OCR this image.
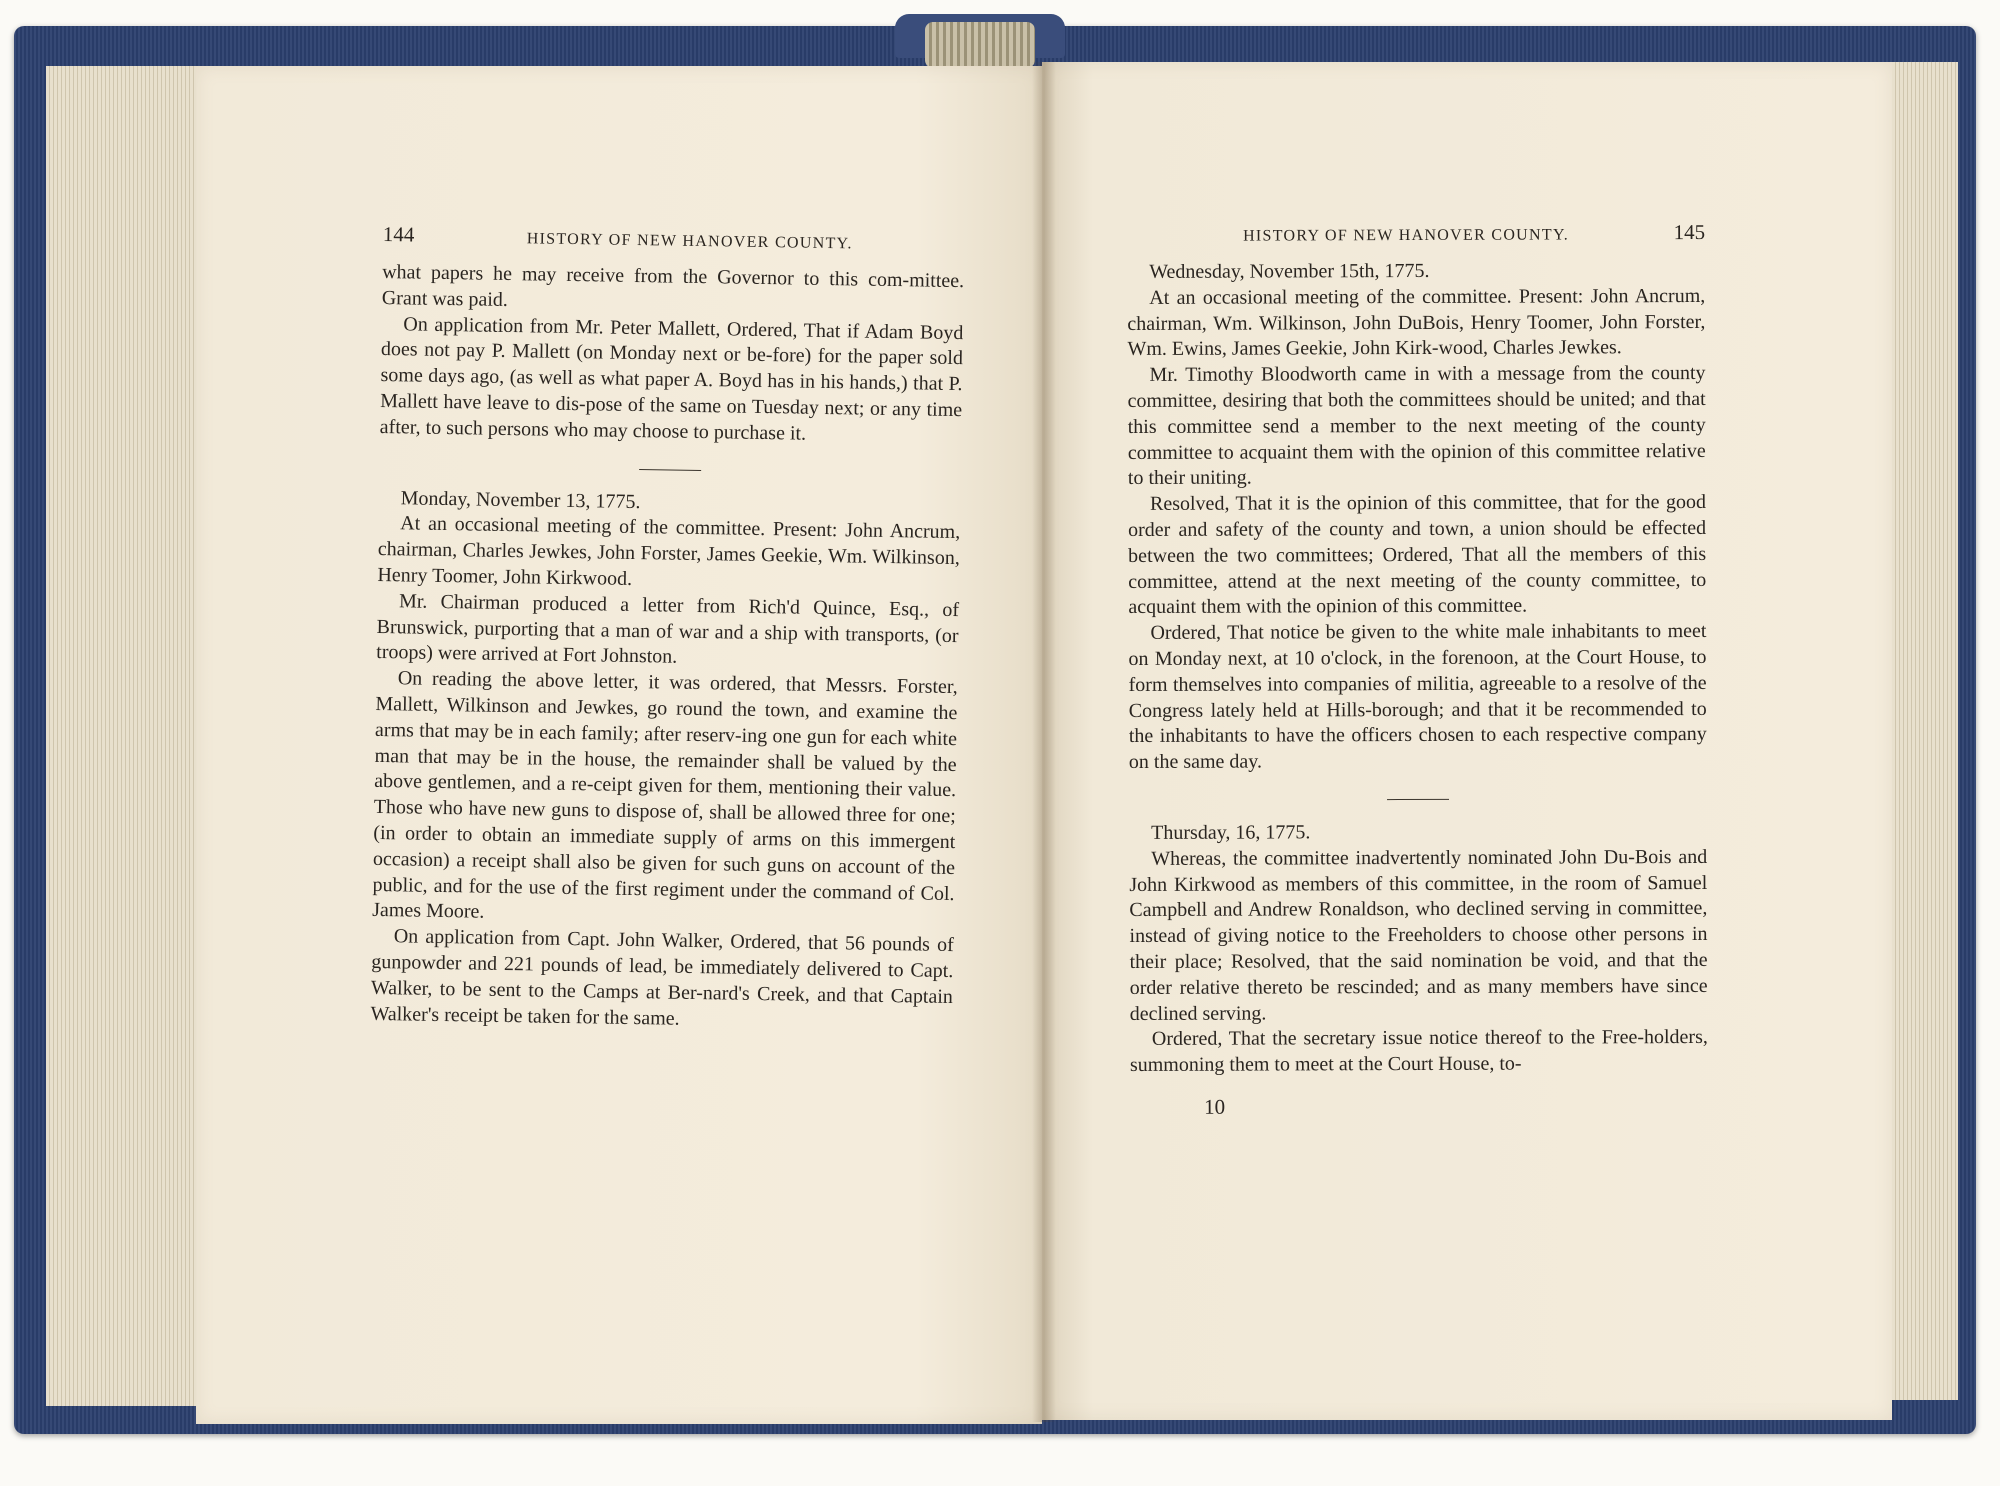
144	HISTORY OF NEW HANOVER COUNTY.

what papers he may receive from the Governor to this com-mittee. Grant was paid.

On application from Mr. Peter Mallett, Ordered, That if Adam Boyd does not pay P. Mallett (on Monday next or be-fore) for the paper sold some days ago, (as well as what paper A. Boyd has in his hands,) that P. Mallett have leave to dis-pose of the same on Tuesday next; or any time after, to such persons who may choose to purchase it.

Monday, November 13, 1775.

At an occasional meeting of the committee. Present: John Ancrum, chairman, Charles Jewkes, John Forster, James Geekie, Wm. Wilkinson, Henry Toomer, John Kirkwood.

Mr. Chairman produced a letter from Rich'd Quince, Esq., of Brunswick, purporting that a man of war and a ship with transports, (or troops) were arrived at Fort Johnston.

On reading the above letter, it was ordered, that Messrs. Forster, Mallett, Wilkinson and Jewkes, go round the town, and examine the arms that may be in each family; after reserv-ing one gun for each white man that may be in the house, the remainder shall be valued by the above gentlemen, and a re-ceipt given for them, mentioning their value. Those who have new guns to dispose of, shall be allowed three for one; (in order to obtain an immediate supply of arms on this immergent occasion) a receipt shall also be given for such guns on account of the public, and for the use of the first regiment under the command of Col. James Moore.

On application from Capt. John Walker, Ordered, that 56 pounds of gunpowder and 221 pounds of lead, be immediately delivered to Capt. Walker, to be sent to the Camps at Ber-nard's Creek, and that Captain Walker's receipt be taken for the same.

HISTORY OF NEW HANOVER COUNTY.	145

Wednesday, November 15th, 1775.

At an occasional meeting of the committee. Present: John Ancrum, chairman, Wm. Wilkinson, John DuBois, Henry Toomer, John Forster, Wm. Ewins, James Geekie, John Kirk-wood, Charles Jewkes.

Mr. Timothy Bloodworth came in with a message from the county committee, desiring that both the committees should be united; and that this committee send a member to the next meeting of the county committee to acquaint them with the opinion of this committee relative to their uniting.

Resolved, That it is the opinion of this committee, that for the good order and safety of the county and town, a union should be effected between the two committees; Ordered, That all the members of this committee, attend at the next meeting of the county committee, to acquaint them with the opinion of this committee.

Ordered, That notice be given to the white male inhabitants to meet on Monday next, at 10 o'clock, in the forenoon, at the Court House, to form themselves into companies of militia, agreeable to a resolve of the Congress lately held at Hills-borough; and that it be recommended to the inhabitants to have the officers chosen to each respective company on the same day.

Thursday, 16, 1775.

Whereas, the committee inadvertently nominated John Du-Bois and John Kirkwood as members of this committee, in the room of Samuel Campbell and Andrew Ronaldson, who declined serving in committee, instead of giving notice to the Freeholders to choose other persons in their place; Resolved, that the said nomination be void, and that the order relative thereto be rescinded; and as many members have since declined serving.

Ordered, That the secretary issue notice thereof to the Free-holders, summoning them to meet at the Court House, to-

10
